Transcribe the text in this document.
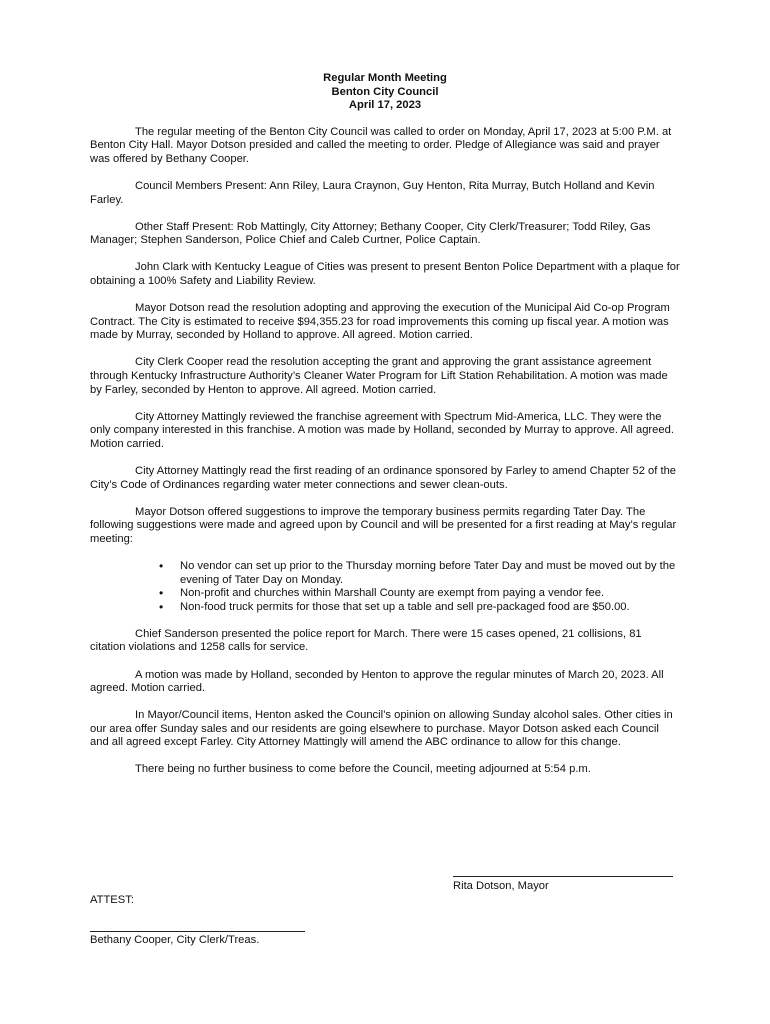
Regular Month Meeting
Benton City Council
April 17, 2023

The regular meeting of the Benton City Council was called to order on Monday, April 17, 2023 at 5:00 P.M. at Benton City Hall. Mayor Dotson presided and called the meeting to order. Pledge of Allegiance was said and prayer was offered by Bethany Cooper.

Council Members Present: Ann Riley, Laura Craynon, Guy Henton, Rita Murray, Butch Holland and Kevin Farley.

Other Staff Present: Rob Mattingly, City Attorney; Bethany Cooper, City Clerk/Treasurer; Todd Riley, Gas Manager; Stephen Sanderson, Police Chief and Caleb Curtner, Police Captain.

John Clark with Kentucky League of Cities was present to present Benton Police Department with a plaque for obtaining a 100% Safety and Liability Review.

Mayor Dotson read the resolution adopting and approving the execution of the Municipal Aid Co-op Program Contract. The City is estimated to receive $94,355.23 for road improvements this coming up fiscal year. A motion was made by Murray, seconded by Holland to approve. All agreed. Motion carried.

City Clerk Cooper read the resolution accepting the grant and approving the grant assistance agreement through Kentucky Infrastructure Authority’s Cleaner Water Program for Lift Station Rehabilitation. A motion was made by Farley, seconded by Henton to approve. All agreed. Motion carried.

City Attorney Mattingly reviewed the franchise agreement with Spectrum Mid-America, LLC. They were the only company interested in this franchise. A motion was made by Holland, seconded by Murray to approve. All agreed. Motion carried.

City Attorney Mattingly read the first reading of an ordinance sponsored by Farley to amend Chapter 52 of the City’s Code of Ordinances regarding water meter connections and sewer clean-outs.

Mayor Dotson offered suggestions to improve the temporary business permits regarding Tater Day. The following suggestions were made and agreed upon by Council and will be presented for a first reading at May’s regular meeting:

• No vendor can set up prior to the Thursday morning before Tater Day and must be moved out by the evening of Tater Day on Monday.
• Non-profit and churches within Marshall County are exempt from paying a vendor fee.
• Non-food truck permits for those that set up a table and sell pre-packaged food are $50.00.

Chief Sanderson presented the police report for March. There were 15 cases opened, 21 collisions, 81 citation violations and 1258 calls for service.

A motion was made by Holland, seconded by Henton to approve the regular minutes of March 20, 2023. All agreed. Motion carried.

In Mayor/Council items, Henton asked the Council’s opinion on allowing Sunday alcohol sales. Other cities in our area offer Sunday sales and our residents are going elsewhere to purchase. Mayor Dotson asked each Council and all agreed except Farley. City Attorney Mattingly will amend the ABC ordinance to allow for this change.

There being no further business to come before the Council, meeting adjourned at 5:54 p.m.

Rita Dotson, Mayor
ATTEST:
Bethany Cooper, City Clerk/Treas.
